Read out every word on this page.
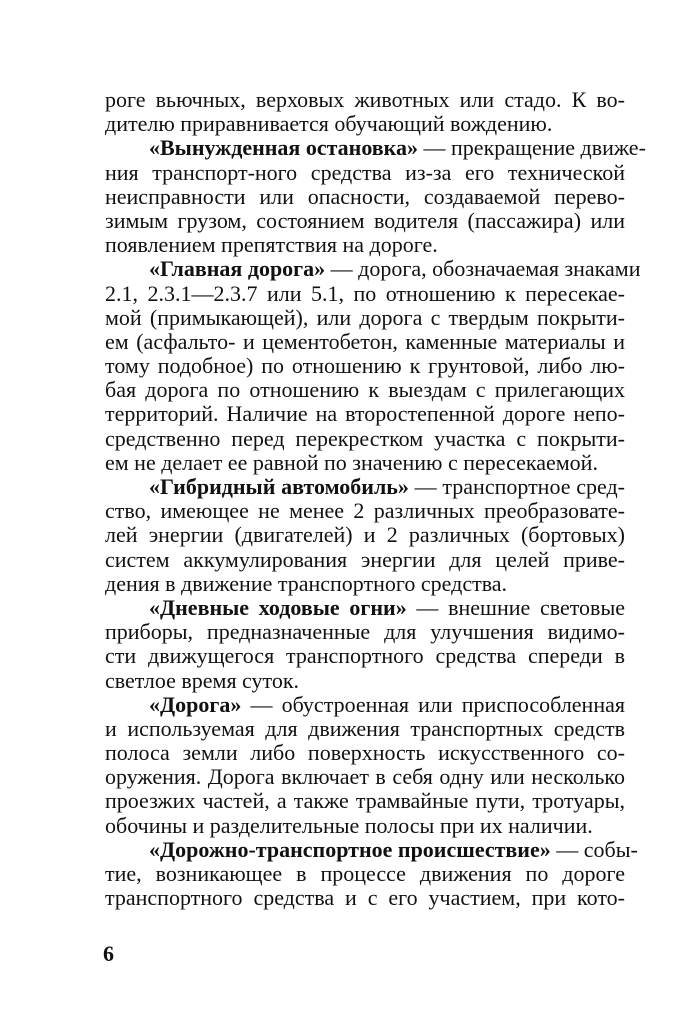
роге вьючных, верховых животных или стадо. К во-
дителю приравнивается обучающий вождению.
«Вынужденная остановка» — прекращение движе-
ния транспорт-ного средства из-за его технической
неисправности или опасности, создаваемой перево-
зимым грузом, состоянием водителя (пассажира) или
появлением препятствия на дороге.
«Главная дорога» — дорога, обозначаемая знаками
2.1, 2.3.1—2.3.7 или 5.1, по отношению к пересекае-
мой (примыкающей), или дорога с твердым покрыти-
ем (асфальто- и цементобетон, каменные материалы и
тому подобное) по отношению к грунтовой, либо лю-
бая дорога по отношению к выездам с прилегающих
территорий. Наличие на второстепенной дороге непо-
средственно перед перекрестком участка с покрыти-
ем не делает ее равной по значению с пересекаемой.
«Гибридный автомобиль» — транспортное сред-
ство, имеющее не менее 2 различных преобразовате-
лей энергии (двигателей) и 2 различных (бортовых)
систем аккумулирования энергии для целей приве-
дения в движение транспортного средства.
«Дневные ходовые огни» — внешние световые
приборы, предназначенные для улучшения видимо-
сти движущегося транспортного средства спереди в
светлое время суток.
«Дорога» — обустроенная или приспособленная
и используемая для движения транспортных средств
полоса земли либо поверхность искусственного со-
оружения. Дорога включает в себя одну или несколько
проезжих частей, а также трамвайные пути, тротуары,
обочины и разделительные полосы при их наличии.
«Дорожно-транспортное происшествие» — собы-
тие, возникающее в процессе движения по дороге
транспортного средства и с его участием, при кото-
6
